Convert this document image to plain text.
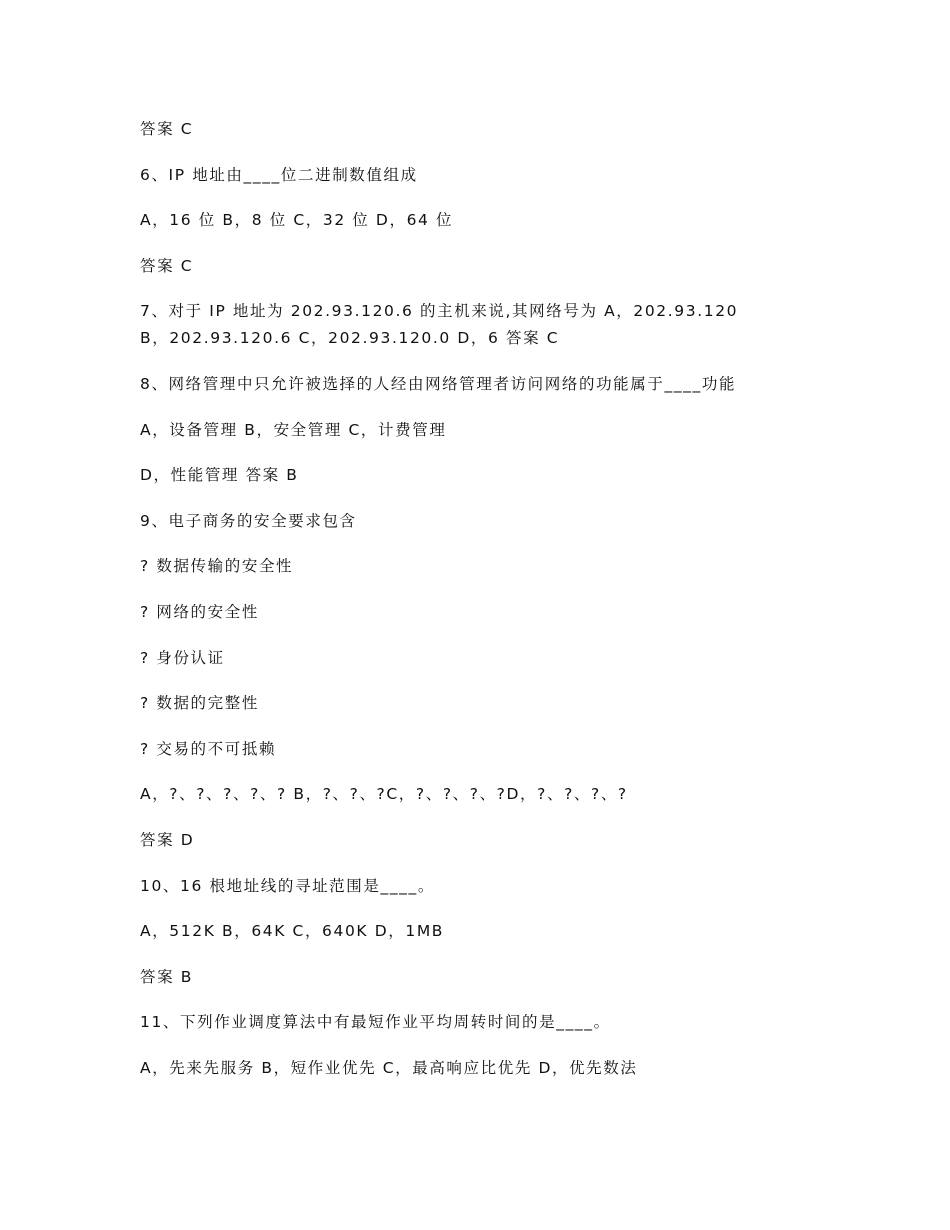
答案 C
6、IP 地址由____位二进制数值组成
A，16 位 B，8 位 C，32 位 D，64 位
答案 C
7、对于 IP 地址为 202.93.120.6 的主机来说,其网络号为 A，202.93.120
B，202.93.120.6 C，202.93.120.0 D，6 答案 C
8、网络管理中只允许被选择的人经由网络管理者访问网络的功能属于____功能
A，设备管理 B，安全管理 C，计费管理
D，性能管理 答案 B
9、电子商务的安全要求包含
? 数据传输的安全性
? 网络的安全性
? 身份认证
? 数据的完整性
? 交易的不可抵赖
A，?、?、?、?、? B，?、?、?C，?、?、?、?D，?、?、?、?
答案 D
10、16 根地址线的寻址范围是____。
A，512K B，64K C，640K D，1MB
答案 B
11、下列作业调度算法中有最短作业平均周转时间的是____。
A，先来先服务 B，短作业优先 C，最高响应比优先 D，优先数法
